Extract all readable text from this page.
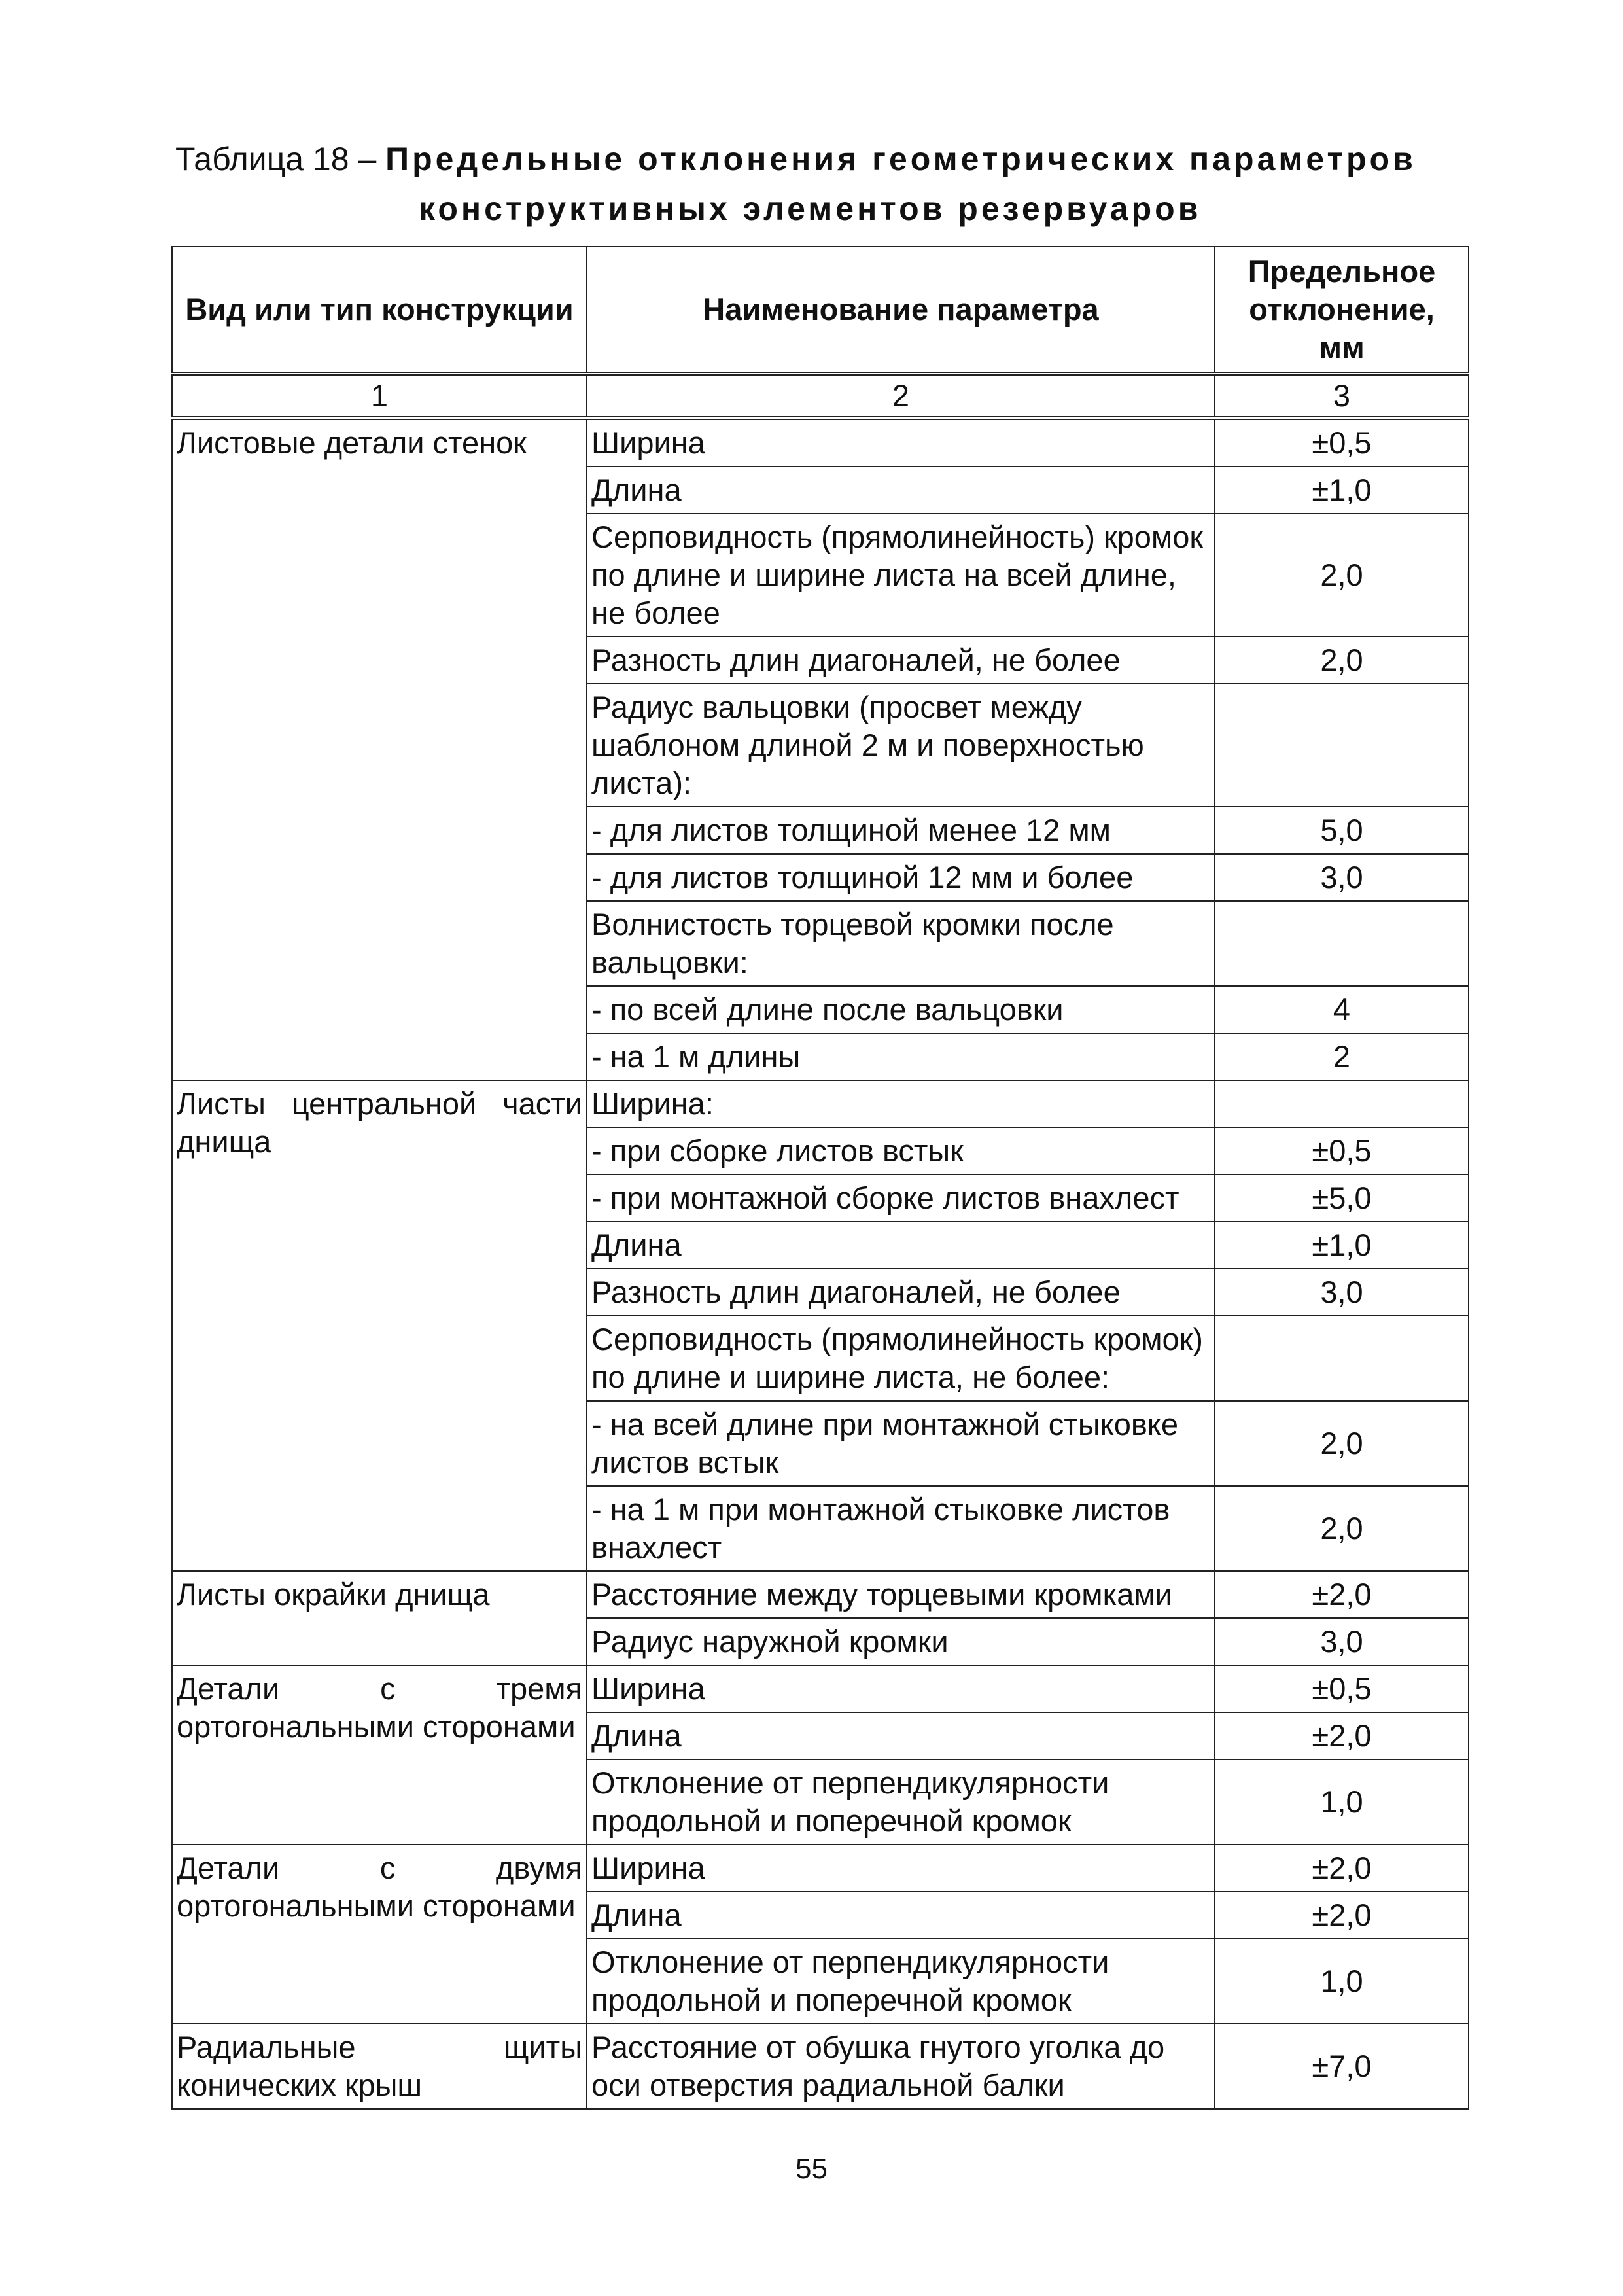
Таблица 18 – Предельные отклонения геометрических параметров
конструктивных элементов резервуаров
Вид или тип конструкции	Наименование параметра	Предельное отклонение, мм
1	2	3
Листовые детали стенок	Ширина	±0,5
	Длина	±1,0
	Серповидность (прямолинейность) кромок по длине и ширине листа на всей длине, не более	2,0
	Разность длин диагоналей, не более	2,0
	Радиус вальцовки (просвет между шаблоном длиной 2 м и поверхностью листа):	
	- для листов толщиной менее 12 мм	5,0
	- для листов толщиной 12 мм и более	3,0
	Волнистость торцевой кромки после вальцовки:	
	- по всей длине после вальцовки	4
	- на 1 м длины	2
Листы центральной части днища	Ширина:	
	- при сборке листов встык	±0,5
	- при монтажной сборке листов внахлест	±5,0
	Длина	±1,0
	Разность длин диагоналей, не более	3,0
	Серповидность (прямолинейность кромок) по длине и ширине листа, не более:	
	- на всей длине при монтажной стыковке листов встык	2,0
	- на 1 м при монтажной стыковке листов внахлест	2,0
Листы окрайки днища	Расстояние между торцевыми кромками	±2,0
	Радиус наружной кромки	3,0
Детали с тремя ортогональными сторонами	Ширина	±0,5
	Длина	±2,0
	Отклонение от перпендикулярности продольной и поперечной кромок	1,0
Детали с двумя ортогональными сторонами	Ширина	±2,0
	Длина	±2,0
	Отклонение от перпендикулярности продольной и поперечной кромок	1,0
Радиальные щиты конических крыш	Расстояние от обушка гнутого уголка до оси отверстия радиальной балки	±7,0
55
